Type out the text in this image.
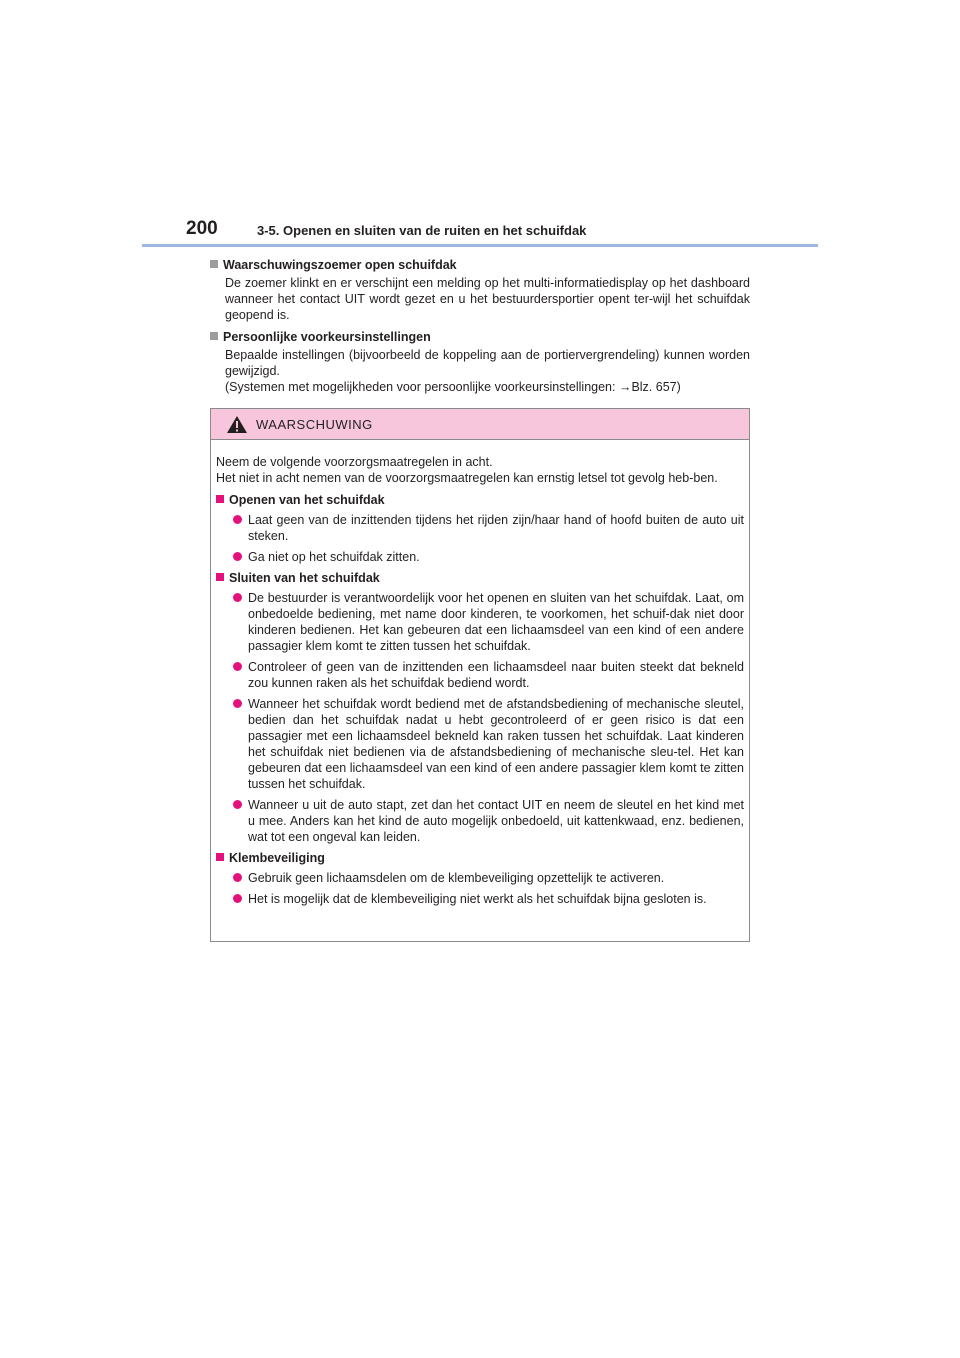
200	3-5. Openen en sluiten van de ruiten en het schuifdak

Waarschuwingszoemer open schuifdak

De zoemer klinkt en er verschijnt een melding op het multi-informatiedisplay op het dashboard wanneer het contact UIT wordt gezet en u het bestuurdersportier opent ter-wijl het schuifdak geopend is.

Persoonlijke voorkeursinstellingen

Bepaalde instellingen (bijvoorbeeld de koppeling aan de portiervergrendeling) kunnen worden gewijzigd.

(Systemen met mogelijkheden voor persoonlijke voorkeursinstellingen: →Blz. 657)

WAARSCHUWING
Neem de volgende voorzorgsmaatregelen in acht.
Het niet in acht nemen van de voorzorgsmaatregelen kan ernstig letsel tot gevolg heb-ben.

Openen van het schuifdak

Laat geen van de inzittenden tijdens het rijden zijn/haar hand of hoofd buiten de auto uit steken.
Ga niet op het schuifdak zitten.

Sluiten van het schuifdak

De bestuurder is verantwoordelijk voor het openen en sluiten van het schuifdak. Laat, om onbedoelde bediening, met name door kinderen, te voorkomen, het schuif-dak niet door kinderen bedienen. Het kan gebeuren dat een lichaamsdeel van een kind of een andere passagier klem komt te zitten tussen het schuifdak.
Controleer of geen van de inzittenden een lichaamsdeel naar buiten steekt dat bekneld zou kunnen raken als het schuifdak bediend wordt.
Wanneer het schuifdak wordt bediend met de afstandsbediening of mechanische sleutel, bedien dan het schuifdak nadat u hebt gecontroleerd of er geen risico is dat een passagier met een lichaamsdeel bekneld kan raken tussen het schuifdak. Laat kinderen het schuifdak niet bedienen via de afstandsbediening of mechanische sleu-tel. Het kan gebeuren dat een lichaamsdeel van een kind of een andere passagier klem komt te zitten tussen het schuifdak.
Wanneer u uit de auto stapt, zet dan het contact UIT en neem de sleutel en het kind met u mee. Anders kan het kind de auto mogelijk onbedoeld, uit kattenkwaad, enz. bedienen, wat tot een ongeval kan leiden.

Klembeveiliging

Gebruik geen lichaamsdelen om de klembeveiliging opzettelijk te activeren.
Het is mogelijk dat de klembeveiliging niet werkt als het schuifdak bijna gesloten is.
